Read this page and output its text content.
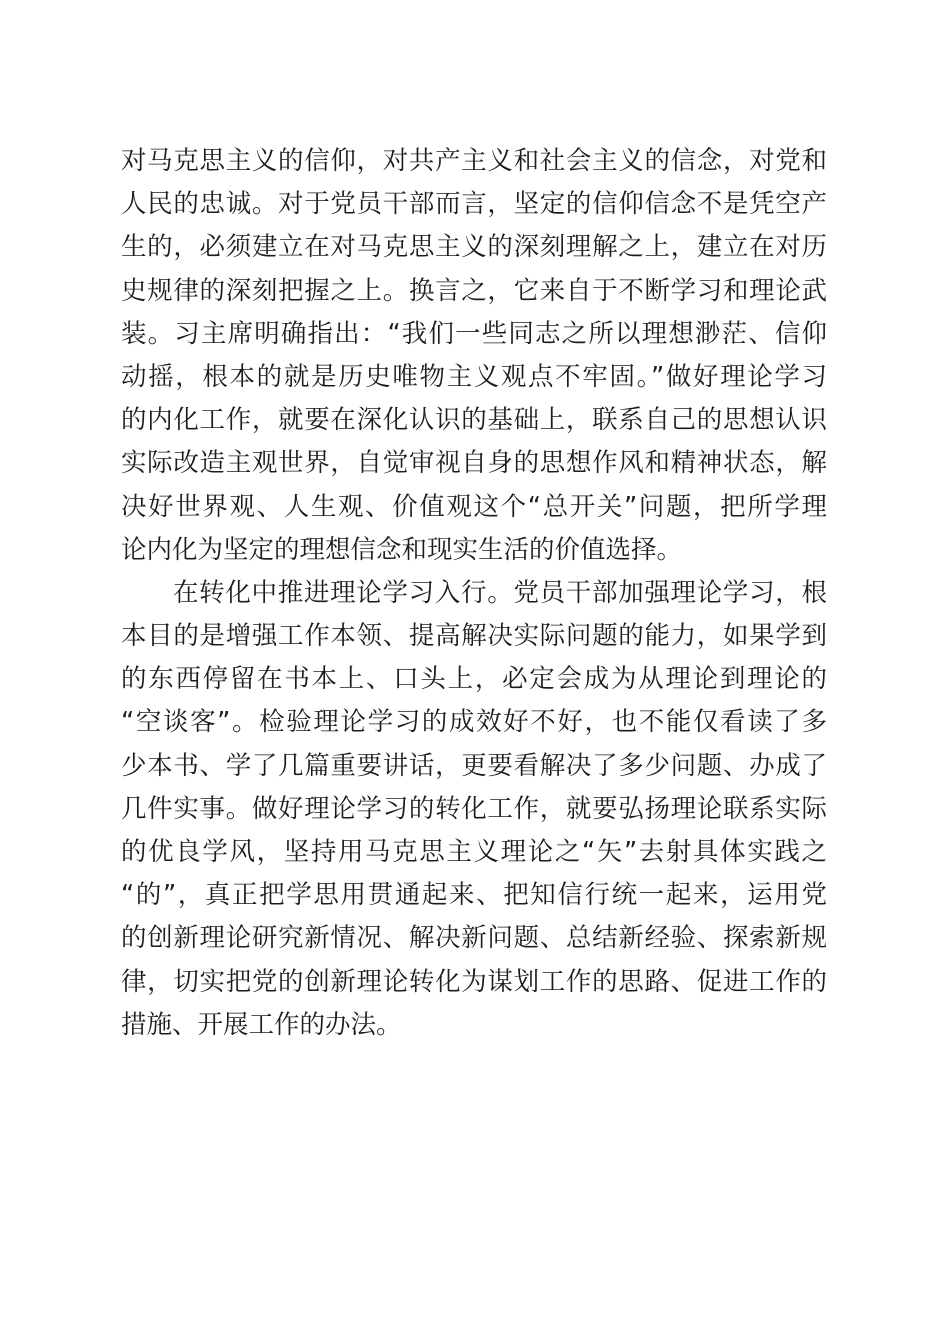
对马克思主义的信仰，对共产主义和社会主义的信念，对党和
人民的忠诚。对于党员干部而言，坚定的信仰信念不是凭空产
生的，必须建立在对马克思主义的深刻理解之上，建立在对历
史规律的深刻把握之上。换言之，它来自于不断学习和理论武
装。习主席明确指出：“我们一些同志之所以理想渺茫、信仰
动摇，根本的就是历史唯物主义观点不牢固。”做好理论学习
的内化工作，就要在深化认识的基础上，联系自己的思想认识
实际改造主观世界，自觉审视自身的思想作风和精神状态，解
决好世界观、人生观、价值观这个“总开关”问题，把所学理
论内化为坚定的理想信念和现实生活的价值选择。
在转化中推进理论学习入行。党员干部加强理论学习，根
本目的是增强工作本领、提高解决实际问题的能力，如果学到
的东西停留在书本上、口头上，必定会成为从理论到理论的
“空谈客”。检验理论学习的成效好不好，也不能仅看读了多
少本书、学了几篇重要讲话，更要看解决了多少问题、办成了
几件实事。做好理论学习的转化工作，就要弘扬理论联系实际
的优良学风，坚持用马克思主义理论之“矢”去射具体实践之
“的”，真正把学思用贯通起来、把知信行统一起来，运用党
的创新理论研究新情况、解决新问题、总结新经验、探索新规
律，切实把党的创新理论转化为谋划工作的思路、促进工作的
措施、开展工作的办法。
